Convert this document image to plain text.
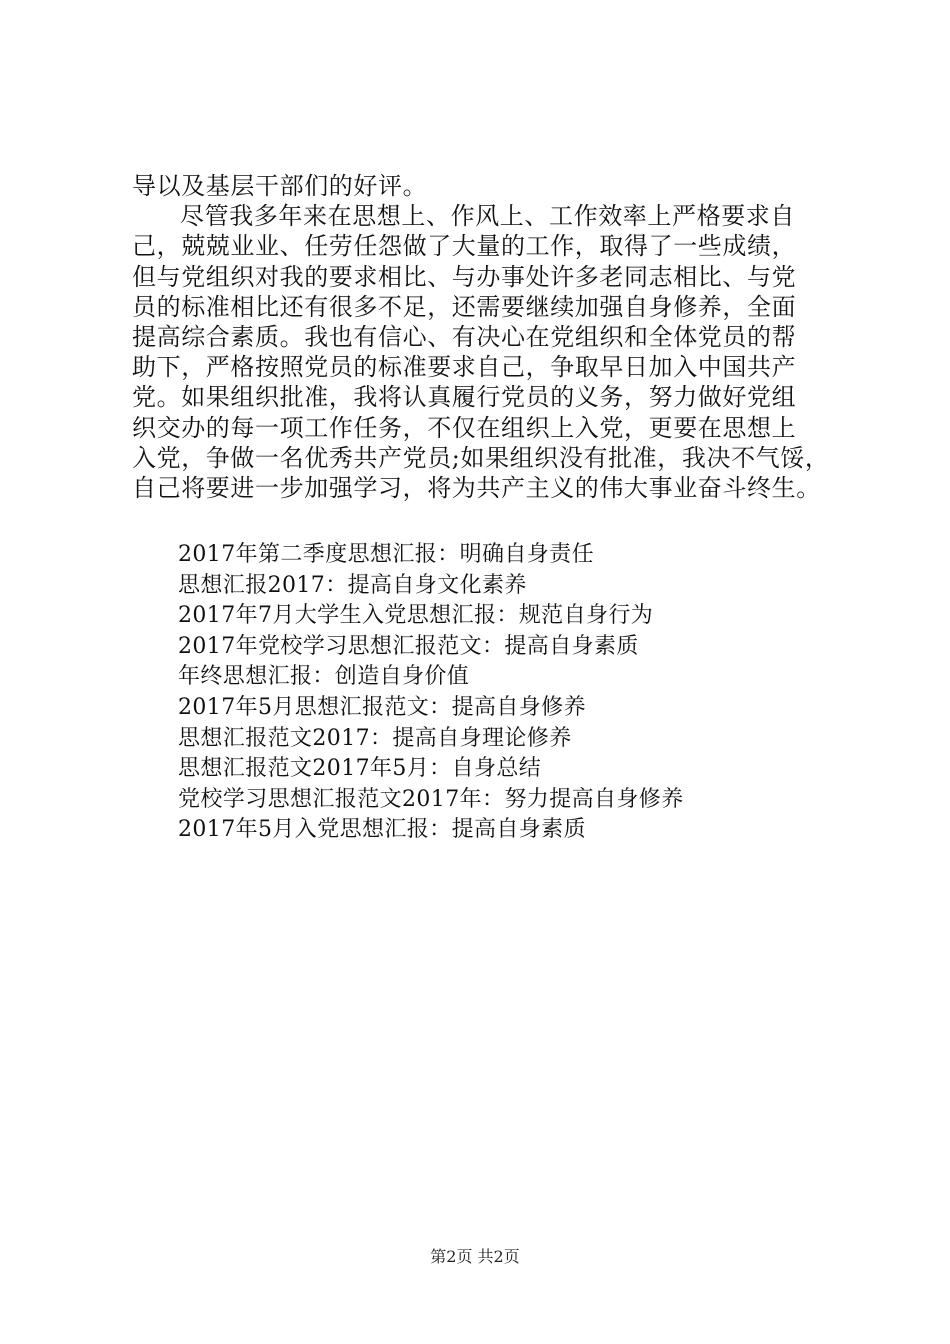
导以及基层干部们的好评。
尽管我多年来在思想上、作风上、工作效率上严格要求自
己，兢兢业业、任劳任怨做了大量的工作，取得了一些成绩，
但与党组织对我的要求相比、与办事处许多老同志相比、与党
员的标准相比还有很多不足，还需要继续加强自身修养，全面
提高综合素质。我也有信心、有决心在党组织和全体党员的帮
助下，严格按照党员的标准要求自己，争取早日加入中国共产
党。如果组织批准，我将认真履行党员的义务，努力做好党组
织交办的每一项工作任务，不仅在组织上入党，更要在思想上
入党，争做一名优秀共产党员;如果组织没有批准，我决不气馁，
自己将要进一步加强学习，将为共产主义的伟大事业奋斗终生。
2017年第二季度思想汇报：明确自身责任
思想汇报2017：提高自身文化素养
2017年7月大学生入党思想汇报：规范自身行为
2017年党校学习思想汇报范文：提高自身素质
年终思想汇报：创造自身价值
2017年5月思想汇报范文：提高自身修养
思想汇报范文2017：提高自身理论修养
思想汇报范文2017年5月：自身总结
党校学习思想汇报范文2017年：努力提高自身修养
2017年5月入党思想汇报：提高自身素质
第2页 共2页
